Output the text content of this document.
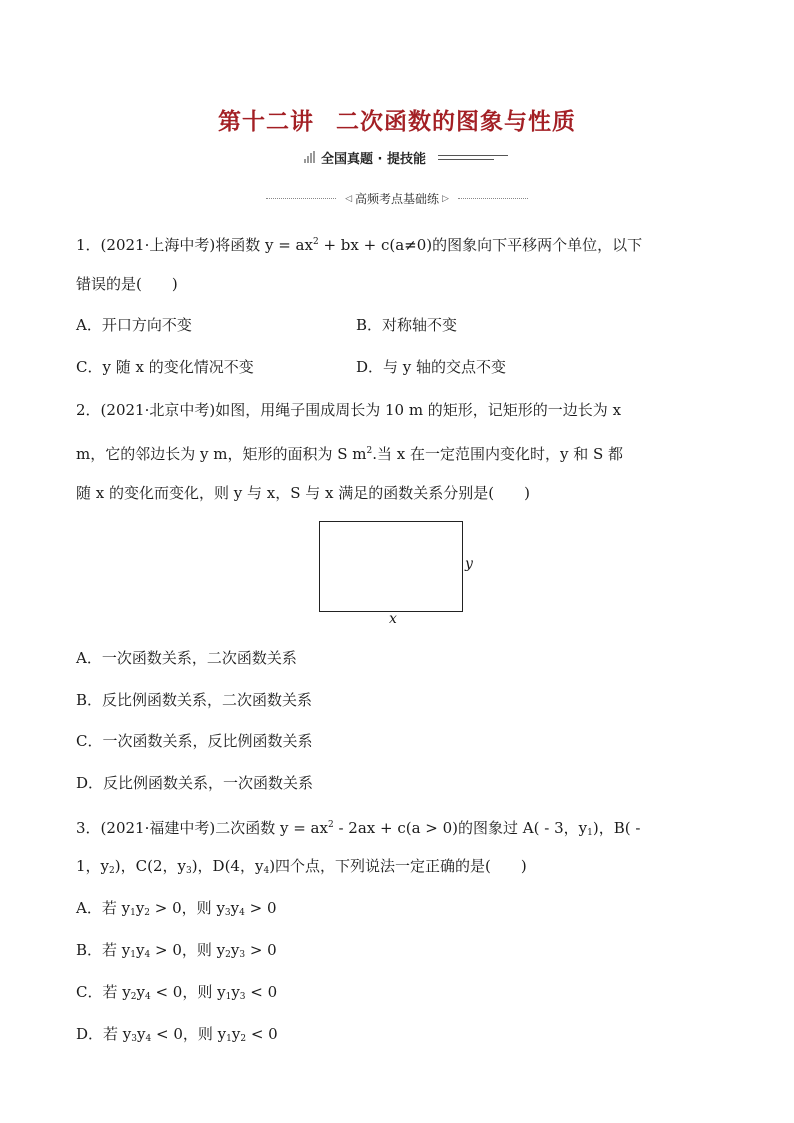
第十二讲 二次函数的图象与性质
全国真题 · 提技能
◁ 高频考点基础练 ▷
1．(2021·上海中考)将函数 $y = ax^2$ + bx + c(a≠0)的图象向下平移两个单位，以下
错误的是(　　)
A．开口方向不变	B．对称轴不变
C．y 随 x 的变化情况不变	D．与 y 轴的交点不变
2．(2021·北京中考)如图，用绳子围成周长为 10 m 的矩形，记矩形的一边长为 x
m，它的邻边长为 y m，矩形的面积为 S $m^2$.当 x 在一定范围内变化时，y 和 S 都
随 x 的变化而变化，则 y 与 x，S 与 x 满足的函数关系分别是(　　)
y
x
A．一次函数关系，二次函数关系
B．反比例函数关系，二次函数关系
C．一次函数关系，反比例函数关系
D．反比例函数关系，一次函数关系
3．(2021·福建中考)二次函数 $y = ax^2 - 2ax + c(a > 0)$的图象过 A( - 3，$y_1$)，B( -
1，$y_2$)，C(2，$y_3$)，D(4，$y_4$)四个点，下列说法一定正确的是(　　)
A．若 $y_1y_2 > 0$，则 $y_3y_4 > 0$
B．若 $y_1y_4 > 0$，则 $y_2y_3 > 0$
C．若 $y_2y_4 < 0$，则 $y_1y_3 < 0$
D．若 $y_3y_4 < 0$，则 $y_1y_2 < 0$
